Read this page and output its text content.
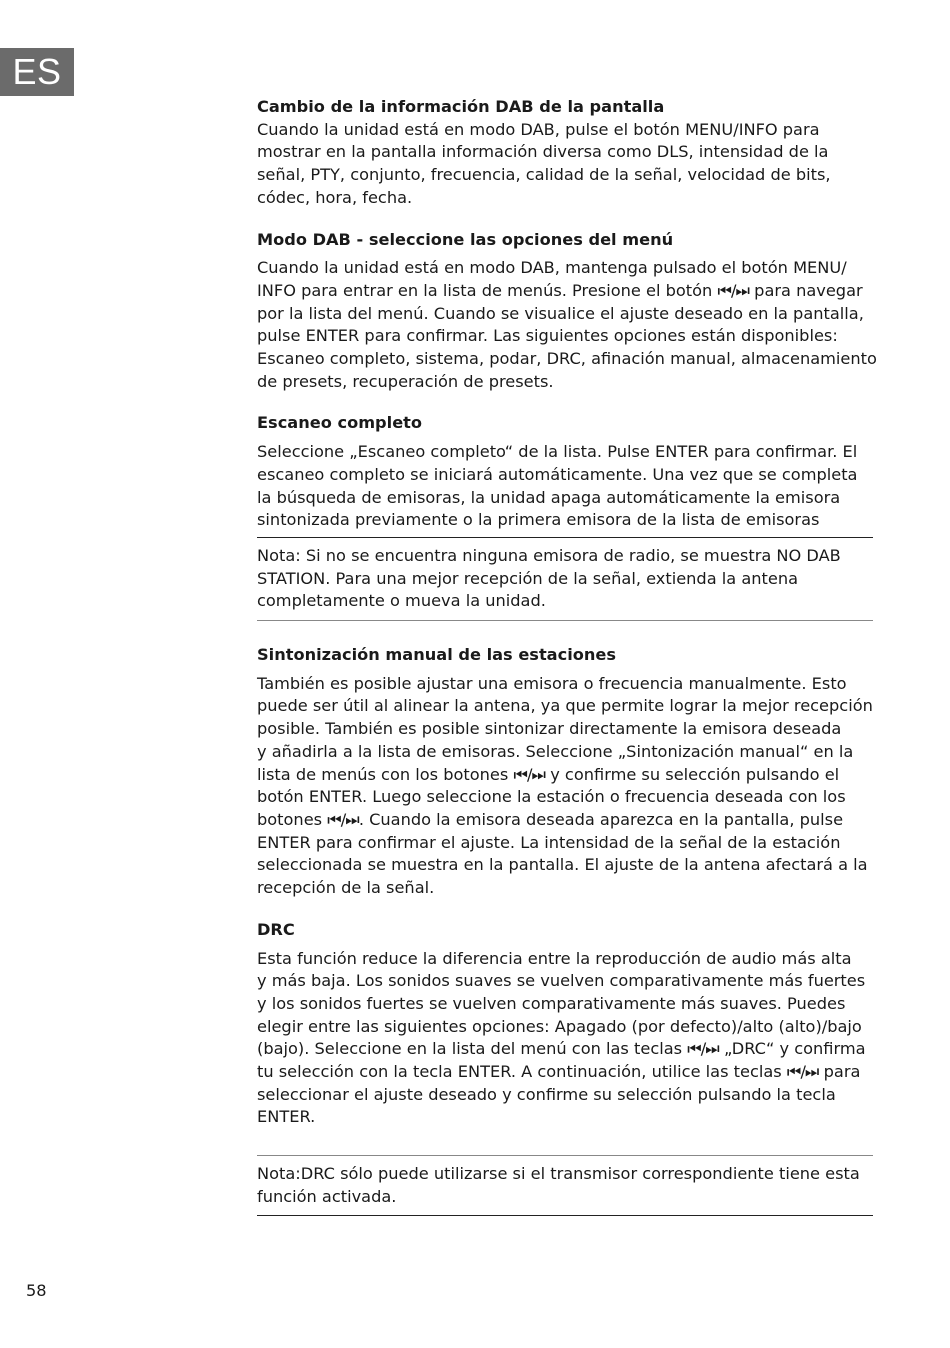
ES

Cambio de la información DAB de la pantalla

Cuando la unidad está en modo DAB, pulse el botón MENU/INFO para
mostrar en la pantalla información diversa como DLS, intensidad de la
señal, PTY, conjunto, frecuencia, calidad de la señal, velocidad de bits,
códec, hora, fecha.

Modo DAB - seleccione las opciones del menú

Cuando la unidad está en modo DAB, mantenga pulsado el botón MENU/
INFO para entrar en la lista de menús. Presione el botón ⏮/⏭ para navegar
por la lista del menú. Cuando se visualice el ajuste deseado en la pantalla,
pulse ENTER para confirmar. Las siguientes opciones están disponibles:
Escaneo completo, sistema, podar, DRC, afinación manual, almacenamiento
de presets, recuperación de presets.

Escaneo completo

Seleccione „Escaneo completo“ de la lista. Pulse ENTER para confirmar. El
escaneo completo se iniciará automáticamente. Una vez que se completa
la búsqueda de emisoras, la unidad apaga automáticamente la emisora
sintonizada previamente o la primera emisora de la lista de emisoras

Nota: Si no se encuentra ninguna emisora de radio, se muestra NO DAB
STATION. Para una mejor recepción de la señal, extienda la antena
completamente o mueva la unidad.

Sintonización manual de las estaciones

También es posible ajustar una emisora o frecuencia manualmente. Esto
puede ser útil al alinear la antena, ya que permite lograr la mejor recepción
posible. También es posible sintonizar directamente la emisora deseada
y añadirla a la lista de emisoras. Seleccione „Sintonización manual“ en la
lista de menús con los botones ⏮/⏭ y confirme su selección pulsando el
botón ENTER. Luego seleccione la estación o frecuencia deseada con los
botones ⏮/⏭. Cuando la emisora deseada aparezca en la pantalla, pulse
ENTER para confirmar el ajuste. La intensidad de la señal de la estación
seleccionada se muestra en la pantalla. El ajuste de la antena afectará a la
recepción de la señal.

DRC

Esta función reduce la diferencia entre la reproducción de audio más alta
y más baja. Los sonidos suaves se vuelven comparativamente más fuertes
y los sonidos fuertes se vuelven comparativamente más suaves. Puedes
elegir entre las siguientes opciones: Apagado (por defecto)/alto (alto)/bajo
(bajo). Seleccione en la lista del menú con las teclas ⏮/⏭ „DRC“ y confirma
tu selección con la tecla ENTER. A continuación, utilice las teclas ⏮/⏭ para
seleccionar el ajuste deseado y confirme su selección pulsando la tecla
ENTER.

Nota:DRC sólo puede utilizarse si el transmisor correspondiente tiene esta
función activada.

58
